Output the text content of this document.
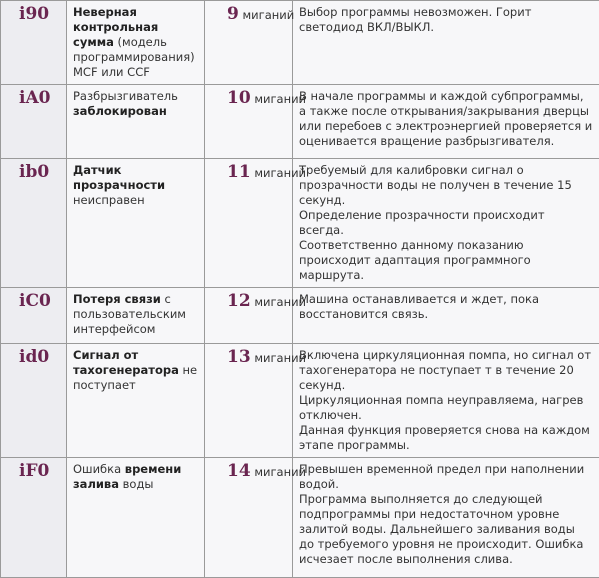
i90	Неверная контрольная сумма (модель программирования) MCF или CCF	9 миганий	Выбор программы невозможен. Горит светодиод ВКЛ/ВЫКЛ.

iA0	Разбрызгиватель заблокирован	10 миганий	В начале программы и каждой субпрограммы, а также после открывания/закрывания дверцы или перебоев с электроэнергией проверяется и оценивается вращение разбрызгивателя.

ib0	Датчик прозрачности неисправен	11 миганий	Требуемый для калибровки сигнал о прозрачности воды не получен в течение 15 секунд.
Определение прозрачности происходит всегда.
Соответственно данному показанию происходит адаптация программного маршрута.

iC0	Потеря связи с пользовательским интерфейсом	12 миганий	Машина останавливается и ждет, пока восстановится связь.

id0	Сигнал от тахогенератора не поступает	13 миганий	Включена циркуляционная помпа, но сигнал от тахогенератора не поступает т в течение 20 секунд.
Циркуляционная помпа неуправляема, нагрев отключен.
Данная функция проверяется снова на каждом этапе программы.

iF0	Ошибка времени залива воды	14 миганий	Превышен временной предел при наполнении водой.
Программа выполняется до следующей подпрограммы при недостаточном уровне залитой воды. Дальнейшего заливания воды до требуемого уровня не происходит. Ошибка исчезает после выполнения слива.
